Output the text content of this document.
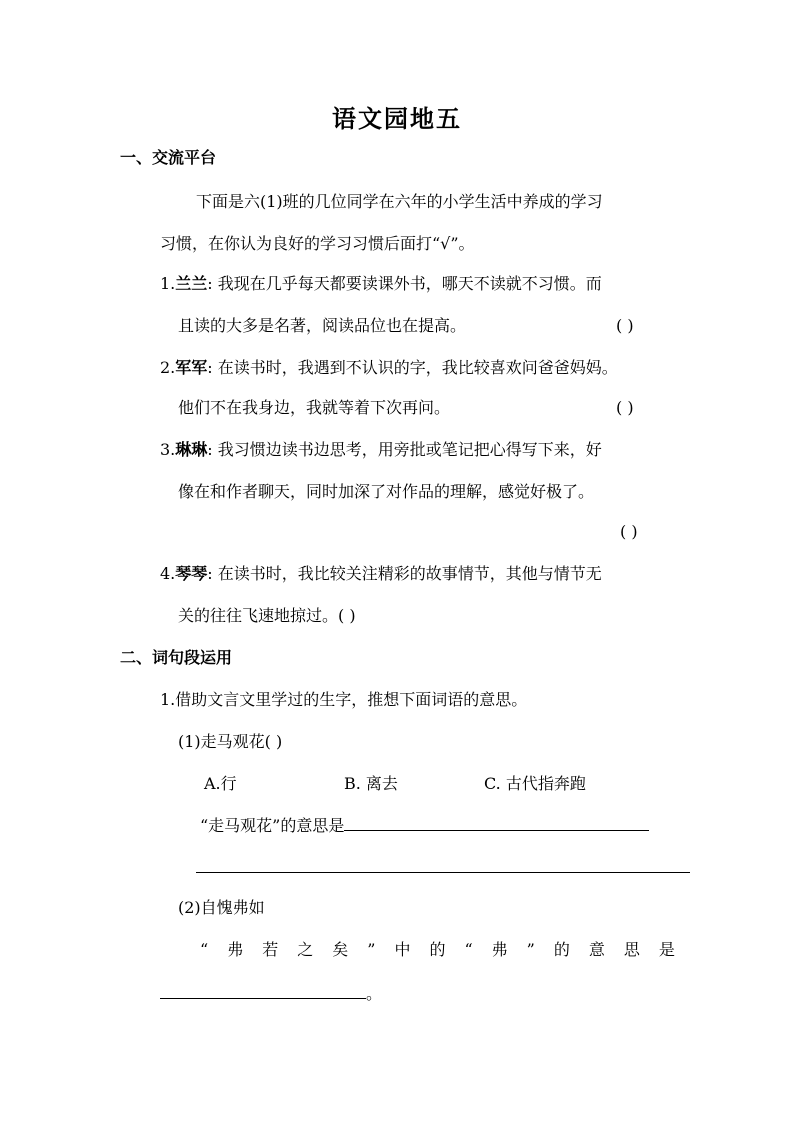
语文园地五
一、交流平台
下面是六(1)班的几位同学在六年的小学生活中养成的学习
习惯，在你认为良好的学习习惯后面打“√”。
1.兰兰: 我现在几乎每天都要读课外书，哪天不读就不习惯。而
且读的大多是名著，阅读品位也在提高。	( )
2.军军: 在读书时，我遇到不认识的字，我比较喜欢问爸爸妈妈。
他们不在我身边，我就等着下次再问。	( )
3.琳琳: 我习惯边读书边思考，用旁批或笔记把心得写下来，好
像在和作者聊天，同时加深了对作品的理解，感觉好极了。
( )
4.琴琴: 在读书时，我比较关注精彩的故事情节，其他与情节无
关的往往飞速地掠过。( )
二、词句段运用
1.借助文言文里学过的生字，推想下面词语的意思。
(1)走马观花( )
A.行	B. 离去	C. 古代指奔跑
“走马观花”的意思是
(2)自愧弗如
“ 弗 若 之 矣 ” 中 的 “ 弗 ” 的 意 思 是
。
